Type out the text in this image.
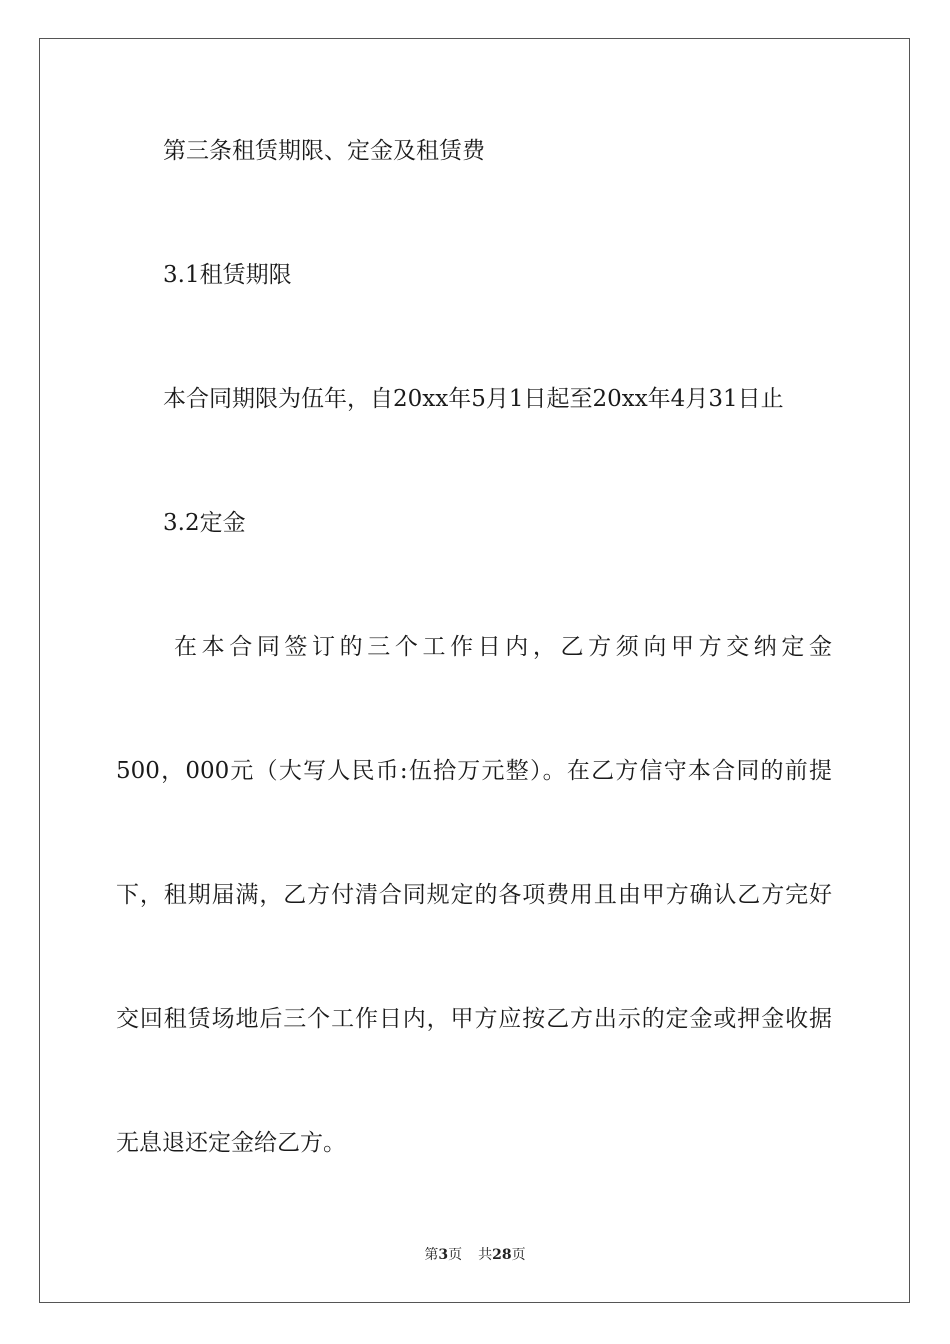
第三条租赁期限、定金及租赁费
3.1租赁期限
本合同期限为伍年，自20xx年5月1日起至20xx年4月31日止
3.2定金
在本合同签订的三个工作日内，乙方须向甲方交纳定金
500，000元（大写人民币:伍拾万元整）。在乙方信守本合同的前提
下，租期届满，乙方付清合同规定的各项费用且由甲方确认乙方完好
交回租赁场地后三个工作日内，甲方应按乙方出示的定金或押金收据
无息退还定金给乙方。
第3页 共28页
